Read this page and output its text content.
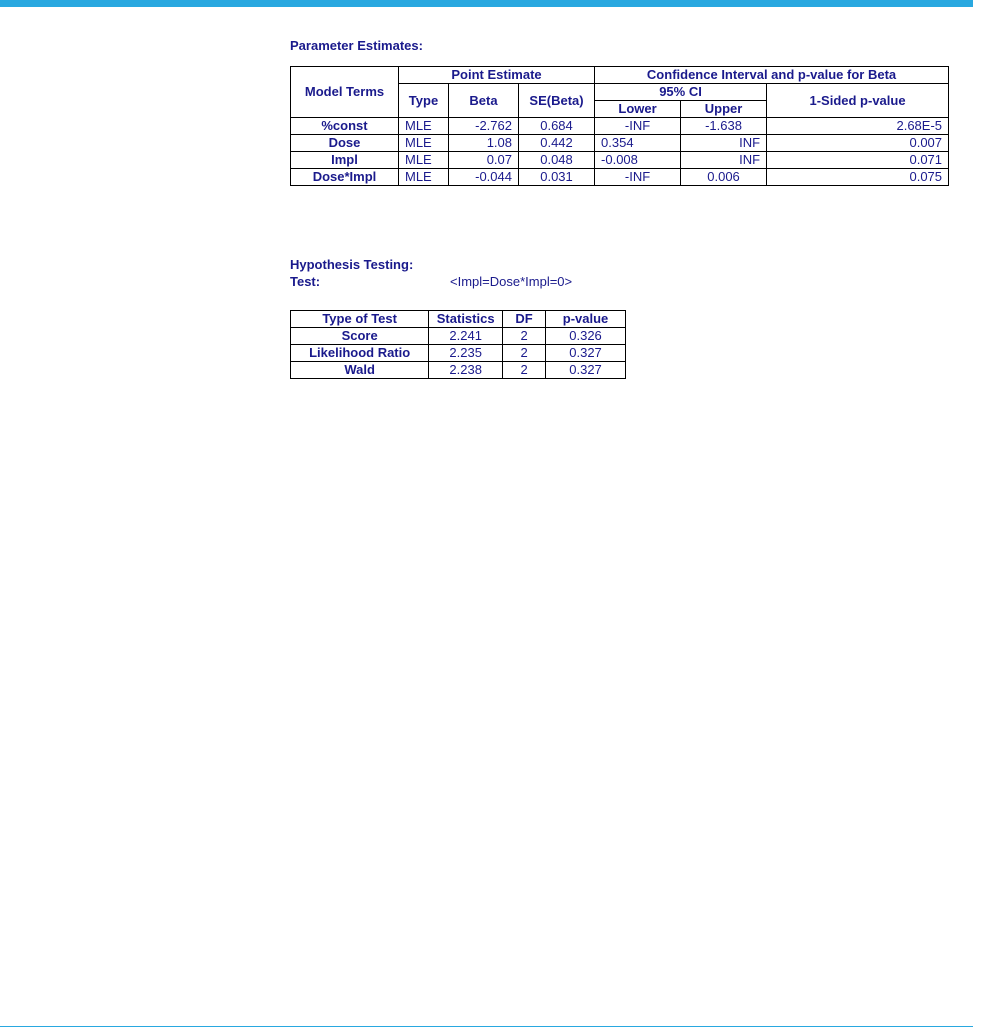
Parameter Estimates:
Model Terms	Point Estimate			Confidence Interval and p-value for Beta		
	Type	Beta	SE(Beta)	95% CI		1-Sided p-value
				Lower	Upper	
%const	MLE	-2.762	0.684	-INF	-1.638	2.68E-5
Dose	MLE	1.08	0.442	0.354	INF	0.007
Impl	MLE	0.07	0.048	-0.008	INF	0.071
Dose*Impl	MLE	-0.044	0.031	-INF	0.006	0.075
Hypothesis Testing:
Test:	<Impl=Dose*Impl=0>
Type of Test	Statistics	DF	p-value
Score	2.241	2	0.326
Likelihood Ratio	2.235	2	0.327
Wald	2.238	2	0.327
